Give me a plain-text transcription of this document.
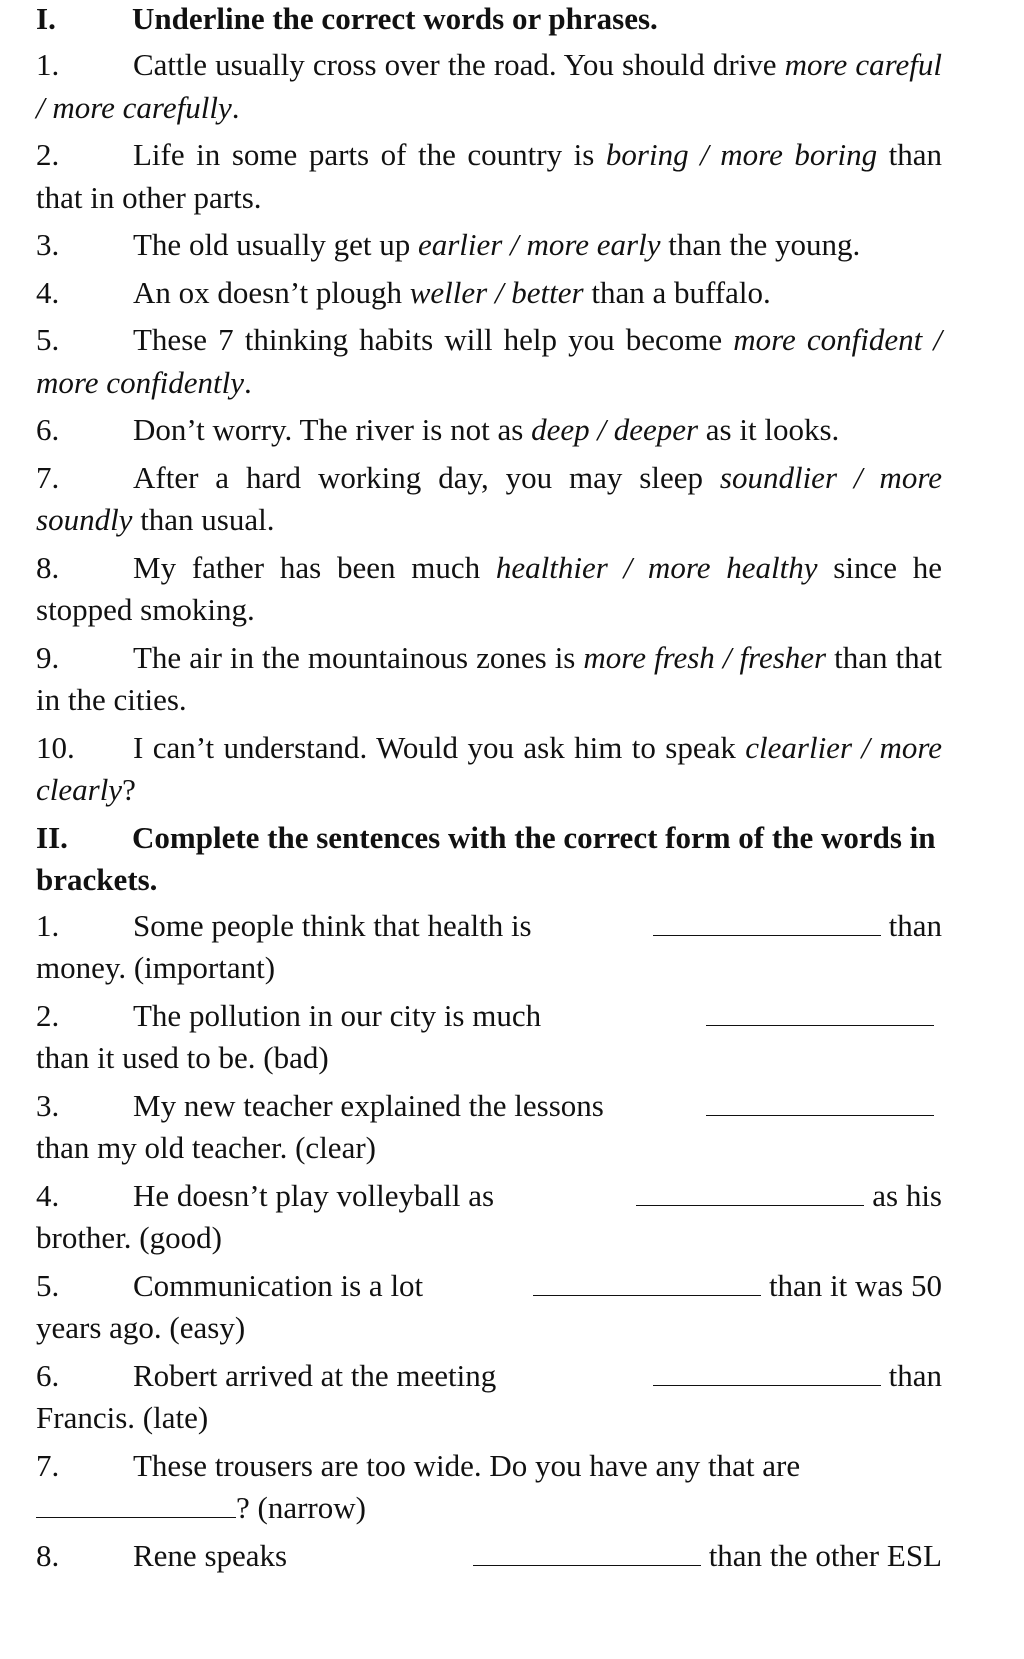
I.	Underline the correct words or phrases.

1. Cattle usually cross over the road. You should drive more careful / more carefully.

2. Life in some parts of the country is boring / more boring than that in other parts.

3. The old usually get up earlier / more early than the young.

4. An ox doesn’t plough weller / better than a buffalo.

5. These 7 thinking habits will help you become more confident / more confidently.

6. Don’t worry. The river is not as deep / deeper as it looks.

7. After a hard working day, you may sleep soundlier / more soundly than usual.

8. My father has been much healthier / more healthy since he stopped smoking.

9. The air in the mountainous zones is more fresh / fresher than that in the cities.

10. I can’t understand. Would you ask him to speak clearlier / more clearly?

II. Complete the sentences with the correct form of the words in brackets.
1.	Some people think that health is	than
money. (important)
2.	The pollution in our city is much
than it used to be. (bad)
3.	My new teacher explained the lessons
than my old teacher. (clear)
4.	He doesn’t play volleyball as	as his
brother. (good)
5.	Communication is a lot	than it was 50
years ago. (easy)
6.	Robert arrived at the meeting	than
Francis. (late)
7. These trousers are too wide. Do you have any that are
? (narrow)
8.	Rene speaks	than the other ESL
